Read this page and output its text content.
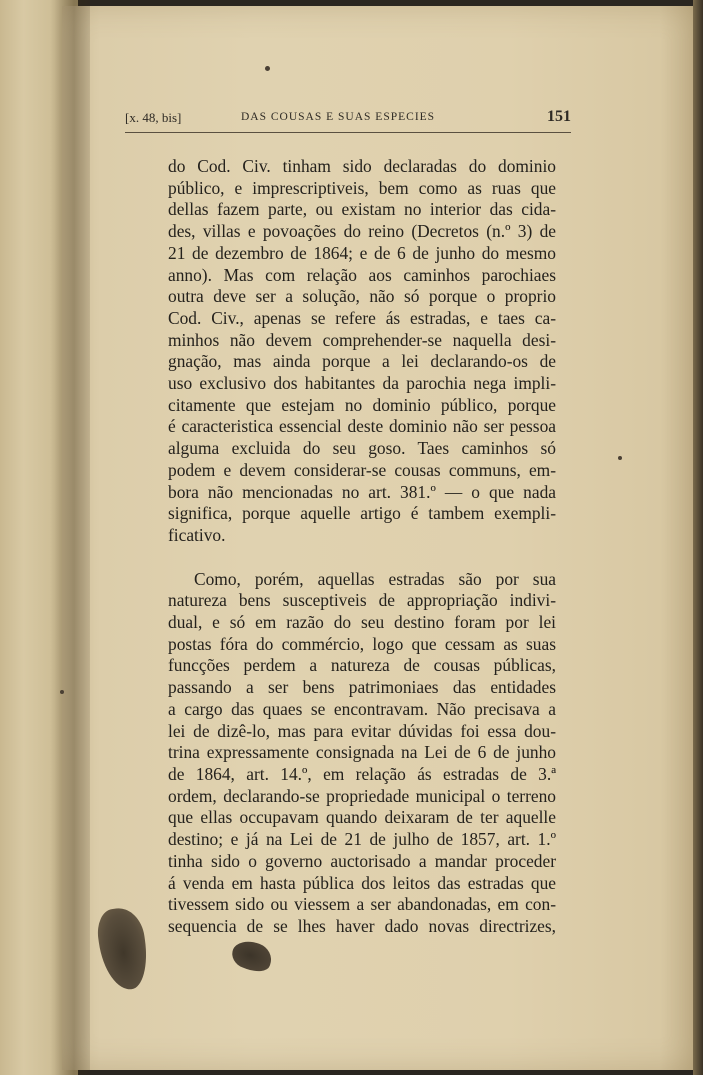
[x. 48, bis]	DAS COUSAS E SUAS ESPECIES	151
do Cod. Civ. tinham sido declaradas do dominio
público, e imprescriptiveis, bem como as ruas que
dellas fazem parte, ou existam no interior das cida-
des, villas e povoações do reino (Decretos (n.º 3) de
21 de dezembro de 1864; e de 6 de junho do mesmo
anno). Mas com relação aos caminhos parochiaes
outra deve ser a solução, não só porque o proprio
Cod. Civ., apenas se refere ás estradas, e taes ca-
minhos não devem comprehender-se naquella desi-
gnação, mas ainda porque a lei declarando-os de
uso exclusivo dos habitantes da parochia nega impli-
citamente que estejam no dominio público, porque
é caracteristica essencial deste dominio não ser pessoa
alguma excluida do seu goso. Taes caminhos só
podem e devem considerar-se cousas communs, em-
bora não mencionadas no art. 381.º — o que nada
significa, porque aquelle artigo é tambem exempli-
ficativo.
Como, porém, aquellas estradas são por sua
natureza bens susceptiveis de appropriação indivi-
dual, e só em razão do seu destino foram por lei
postas fóra do commércio, logo que cessam as suas
funcções perdem a natureza de cousas públicas,
passando a ser bens patrimoniaes das entidades
a cargo das quaes se encontravam. Não precisava a
lei de dizê-lo, mas para evitar dúvidas foi essa dou-
trina expressamente consignada na Lei de 6 de junho
de 1864, art. 14.º, em relação ás estradas de 3.ª
ordem, declarando-se propriedade municipal o terreno
que ellas occupavam quando deixaram de ter aquelle
destino; e já na Lei de 21 de julho de 1857, art. 1.º
tinha sido o governo auctorisado a mandar proceder
á venda em hasta pública dos leitos das estradas que
tivessem sido ou viessem a ser abandonadas, em con-
sequencia de se lhes haver dado novas directrizes,
